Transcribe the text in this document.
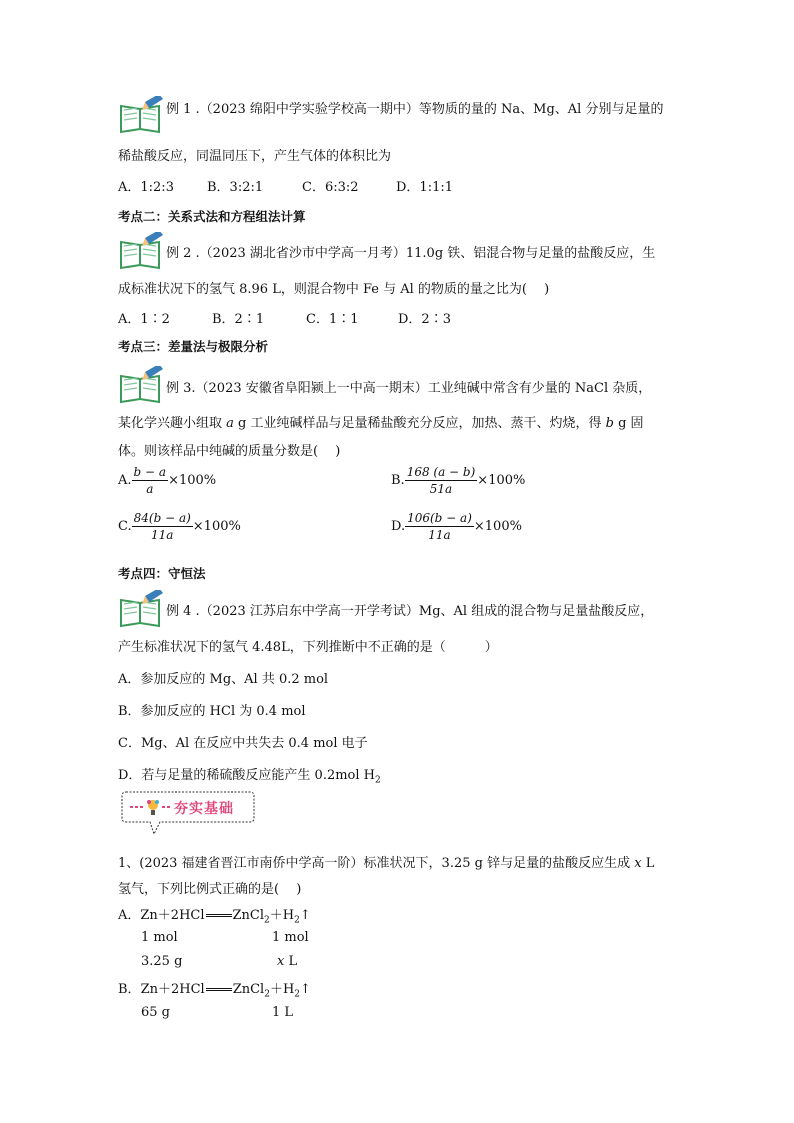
例 1 .（2023 绵阳中学实验学校高一期中）等物质的量的 Na、Mg、Al 分别与足量的
稀盐酸反应，同温同压下，产生气体的体积比为
A．1:2:3	B．3:2:1	C．6:3:2	D．1:1:1
考点二：关系式法和方程组法计算
例 2 .（2023 湖北省沙市中学高一月考）11.0g 铁、铝混合物与足量的盐酸反应，生
成标准状况下的氢气 8.96 L，则混合物中 Fe 与 Al 的物质的量之比为(　 )
A．1∶2	B．2∶1	C．1∶1	D．2∶3
考点三：差量法与极限分析
例 3.（2023 安徽省阜阳颍上一中高一期末）工业纯碱中常含有少量的 NaCl 杂质，
某化学兴趣小组取 a g 工业纯碱样品与足量稀盐酸充分反应，加热、蒸干、灼烧，得 b g 固
体。则该样品中纯碱的质量分数是(　 )
A. $\frac{b - a}{a} \times 100\%$	B. $\frac{168 (a - b)}{51a} \times 100\%$
C. $\frac{84(b - a)}{11a} \times 100\%$	D. $\frac{106(b - a)}{11a} \times 100\%$
考点四：守恒法
例 4 .（2023 江苏启东中学高一开学考试）Mg、Al 组成的混合物与足量盐酸反应，
产生标准状况下的氢气 4.48L，下列推断中不正确的是（　　　）
A．参加反应的 Mg、Al 共 0.2 mol
B．参加反应的 HCl 为 0.4 mol
C．Mg、Al 在反应中共失去 0.4 mol 电子
D．若与足量的稀硫酸反应能产生 0.2mol $H_2$
夯实基础
1、(2023 福建省晋江市南侨中学高一阶）标准状况下，3.25 g 锌与足量的盐酸反应生成 x L
氢气，下列比例式正确的是(　 )
A．Zn＋2HCl $ZnCl_2+H_2↑$
1 mol	1 mol
3.25 g	x L
B．Zn＋2HCl $ZnCl_2+H_2↑$
65 g	1 L
